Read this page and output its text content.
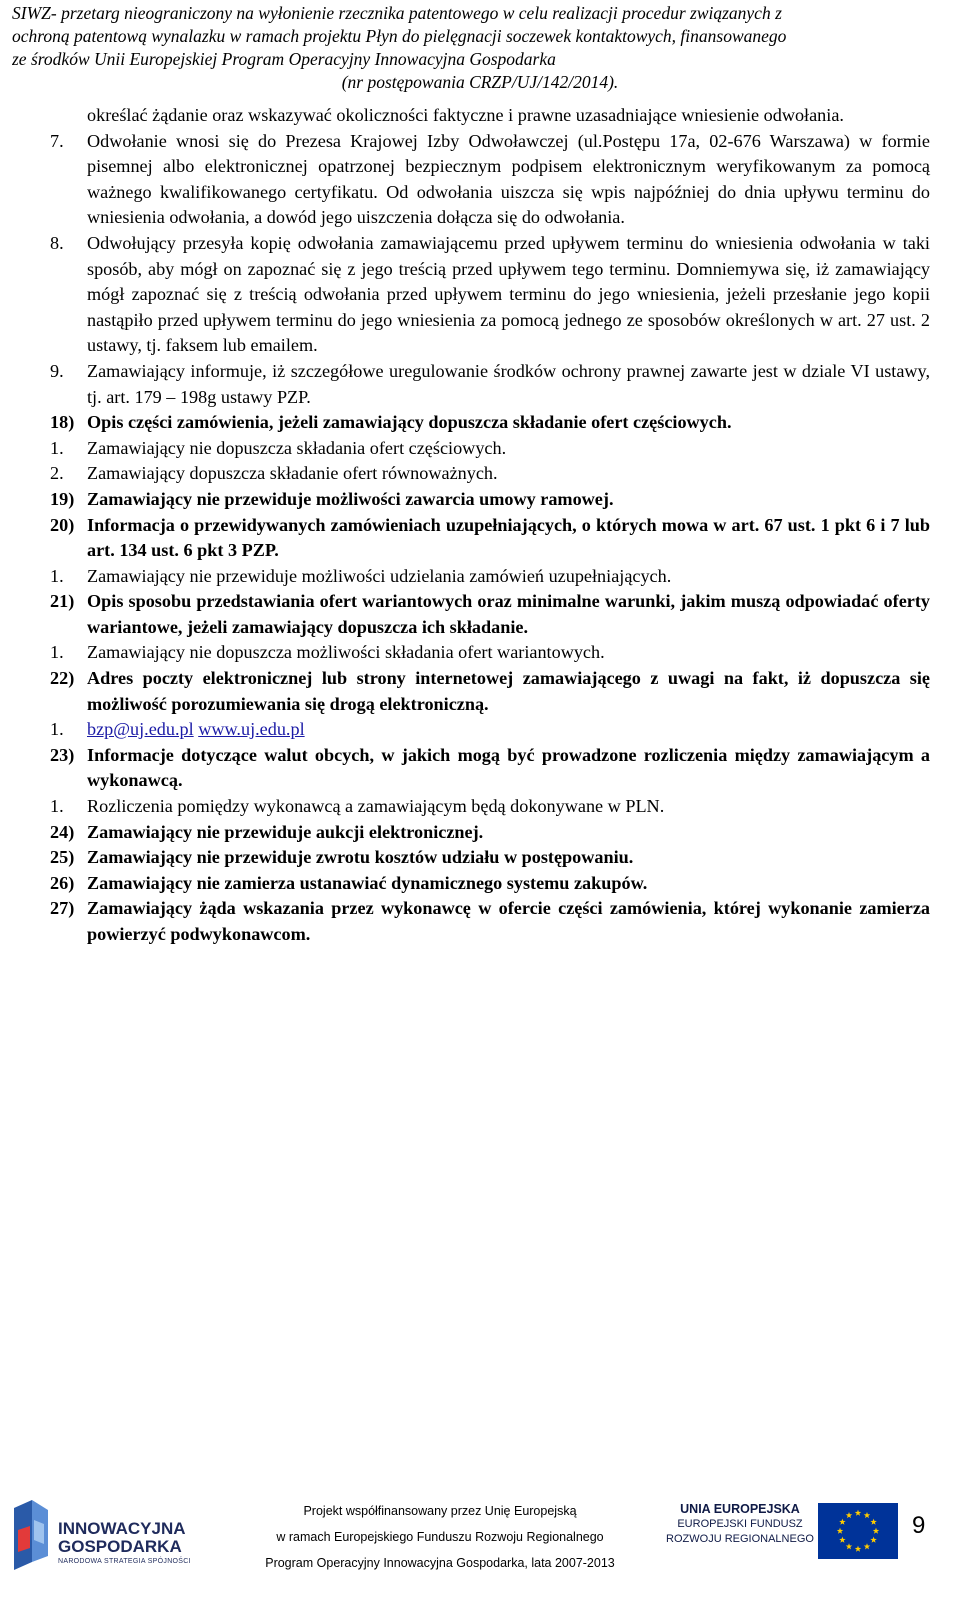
SIWZ- przetarg nieograniczony na wyłonienie rzecznika patentowego w celu realizacji procedur związanych z
ochroną patentową wynalazku w ramach projektu Płyn do pielęgnacji soczewek kontaktowych, finansowanego
ze środków Unii Europejskiej Program Operacyjny Innowacyjna Gospodarka
(nr postępowania CRZP/UJ/142/2014).
określać żądanie oraz wskazywać okoliczności faktyczne i prawne uzasadniające wniesienie odwołania.
7. Odwołanie wnosi się do Prezesa Krajowej Izby Odwoławczej (ul.Postępu 17a, 02-676 Warszawa) w formie pisemnej albo elektronicznej opatrzonej bezpiecznym podpisem elektronicznym weryfikowanym za pomocą ważnego kwalifikowanego certyfikatu. Od odwołania uiszcza się wpis najpóźniej do dnia upływu terminu do wniesienia odwołania, a dowód jego uiszczenia dołącza się do odwołania.
8. Odwołujący przesyła kopię odwołania zamawiającemu przed upływem terminu do wniesienia odwołania w taki sposób, aby mógł on zapoznać się z jego treścią przed upływem tego terminu. Domniemywa się, iż zamawiający mógł zapoznać się z treścią odwołania przed upływem terminu do jego wniesienia, jeżeli przesłanie jego kopii nastąpiło przed upływem terminu do jego wniesienia za pomocą jednego ze sposobów określonych w art. 27 ust. 2 ustawy, tj. faksem lub emailem.
9. Zamawiający informuje, iż szczegółowe uregulowanie środków ochrony prawnej zawarte jest w dziale VI ustawy, tj. art. 179 – 198g ustawy PZP.
18) Opis części zamówienia, jeżeli zamawiający dopuszcza składanie ofert częściowych.
1. Zamawiający nie dopuszcza składania ofert częściowych.
2. Zamawiający dopuszcza składanie ofert równoważnych.
19) Zamawiający nie przewiduje możliwości zawarcia umowy ramowej.
20) Informacja o przewidywanych zamówieniach uzupełniających, o których mowa w art. 67 ust. 1 pkt 6 i 7 lub art. 134 ust. 6 pkt 3 PZP.
1. Zamawiający nie przewiduje możliwości udzielania zamówień uzupełniających.
21) Opis sposobu przedstawiania ofert wariantowych oraz minimalne warunki, jakim muszą odpowiadać oferty wariantowe, jeżeli zamawiający dopuszcza ich składanie.
1. Zamawiający nie dopuszcza możliwości składania ofert wariantowych.
22) Adres poczty elektronicznej lub strony internetowej zamawiającego z uwagi na fakt, iż dopuszcza się możliwość porozumiewania się drogą elektroniczną.
1. bzp@uj.edu.pl www.uj.edu.pl
23) Informacje dotyczące walut obcych, w jakich mogą być prowadzone rozliczenia między zamawiającym a wykonawcą.
1. Rozliczenia pomiędzy wykonawcą a zamawiającym będą dokonywane w PLN.
24) Zamawiający nie przewiduje aukcji elektronicznej.
25) Zamawiający nie przewiduje zwrotu kosztów udziału w postępowaniu.
26) Zamawiający nie zamierza ustanawiać dynamicznego systemu zakupów.
27) Zamawiający żąda wskazania przez wykonawcę w ofercie części zamówienia, której wykonanie zamierza powierzyć podwykonawcom.
INNOWACYJNA
GOSPODARKA
NARODOWA STRATEGIA SPÓJNOŚCI
Projekt współfinansowany przez Unię Europejską
w ramach Europejskiego Funduszu Rozwoju Regionalnego
Program Operacyjny Innowacyjna Gospodarka, lata 2007-2013
UNIA EUROPEJSKA
EUROPEJSKI FUNDUSZ
ROZWOJU REGIONALNEGO	9
